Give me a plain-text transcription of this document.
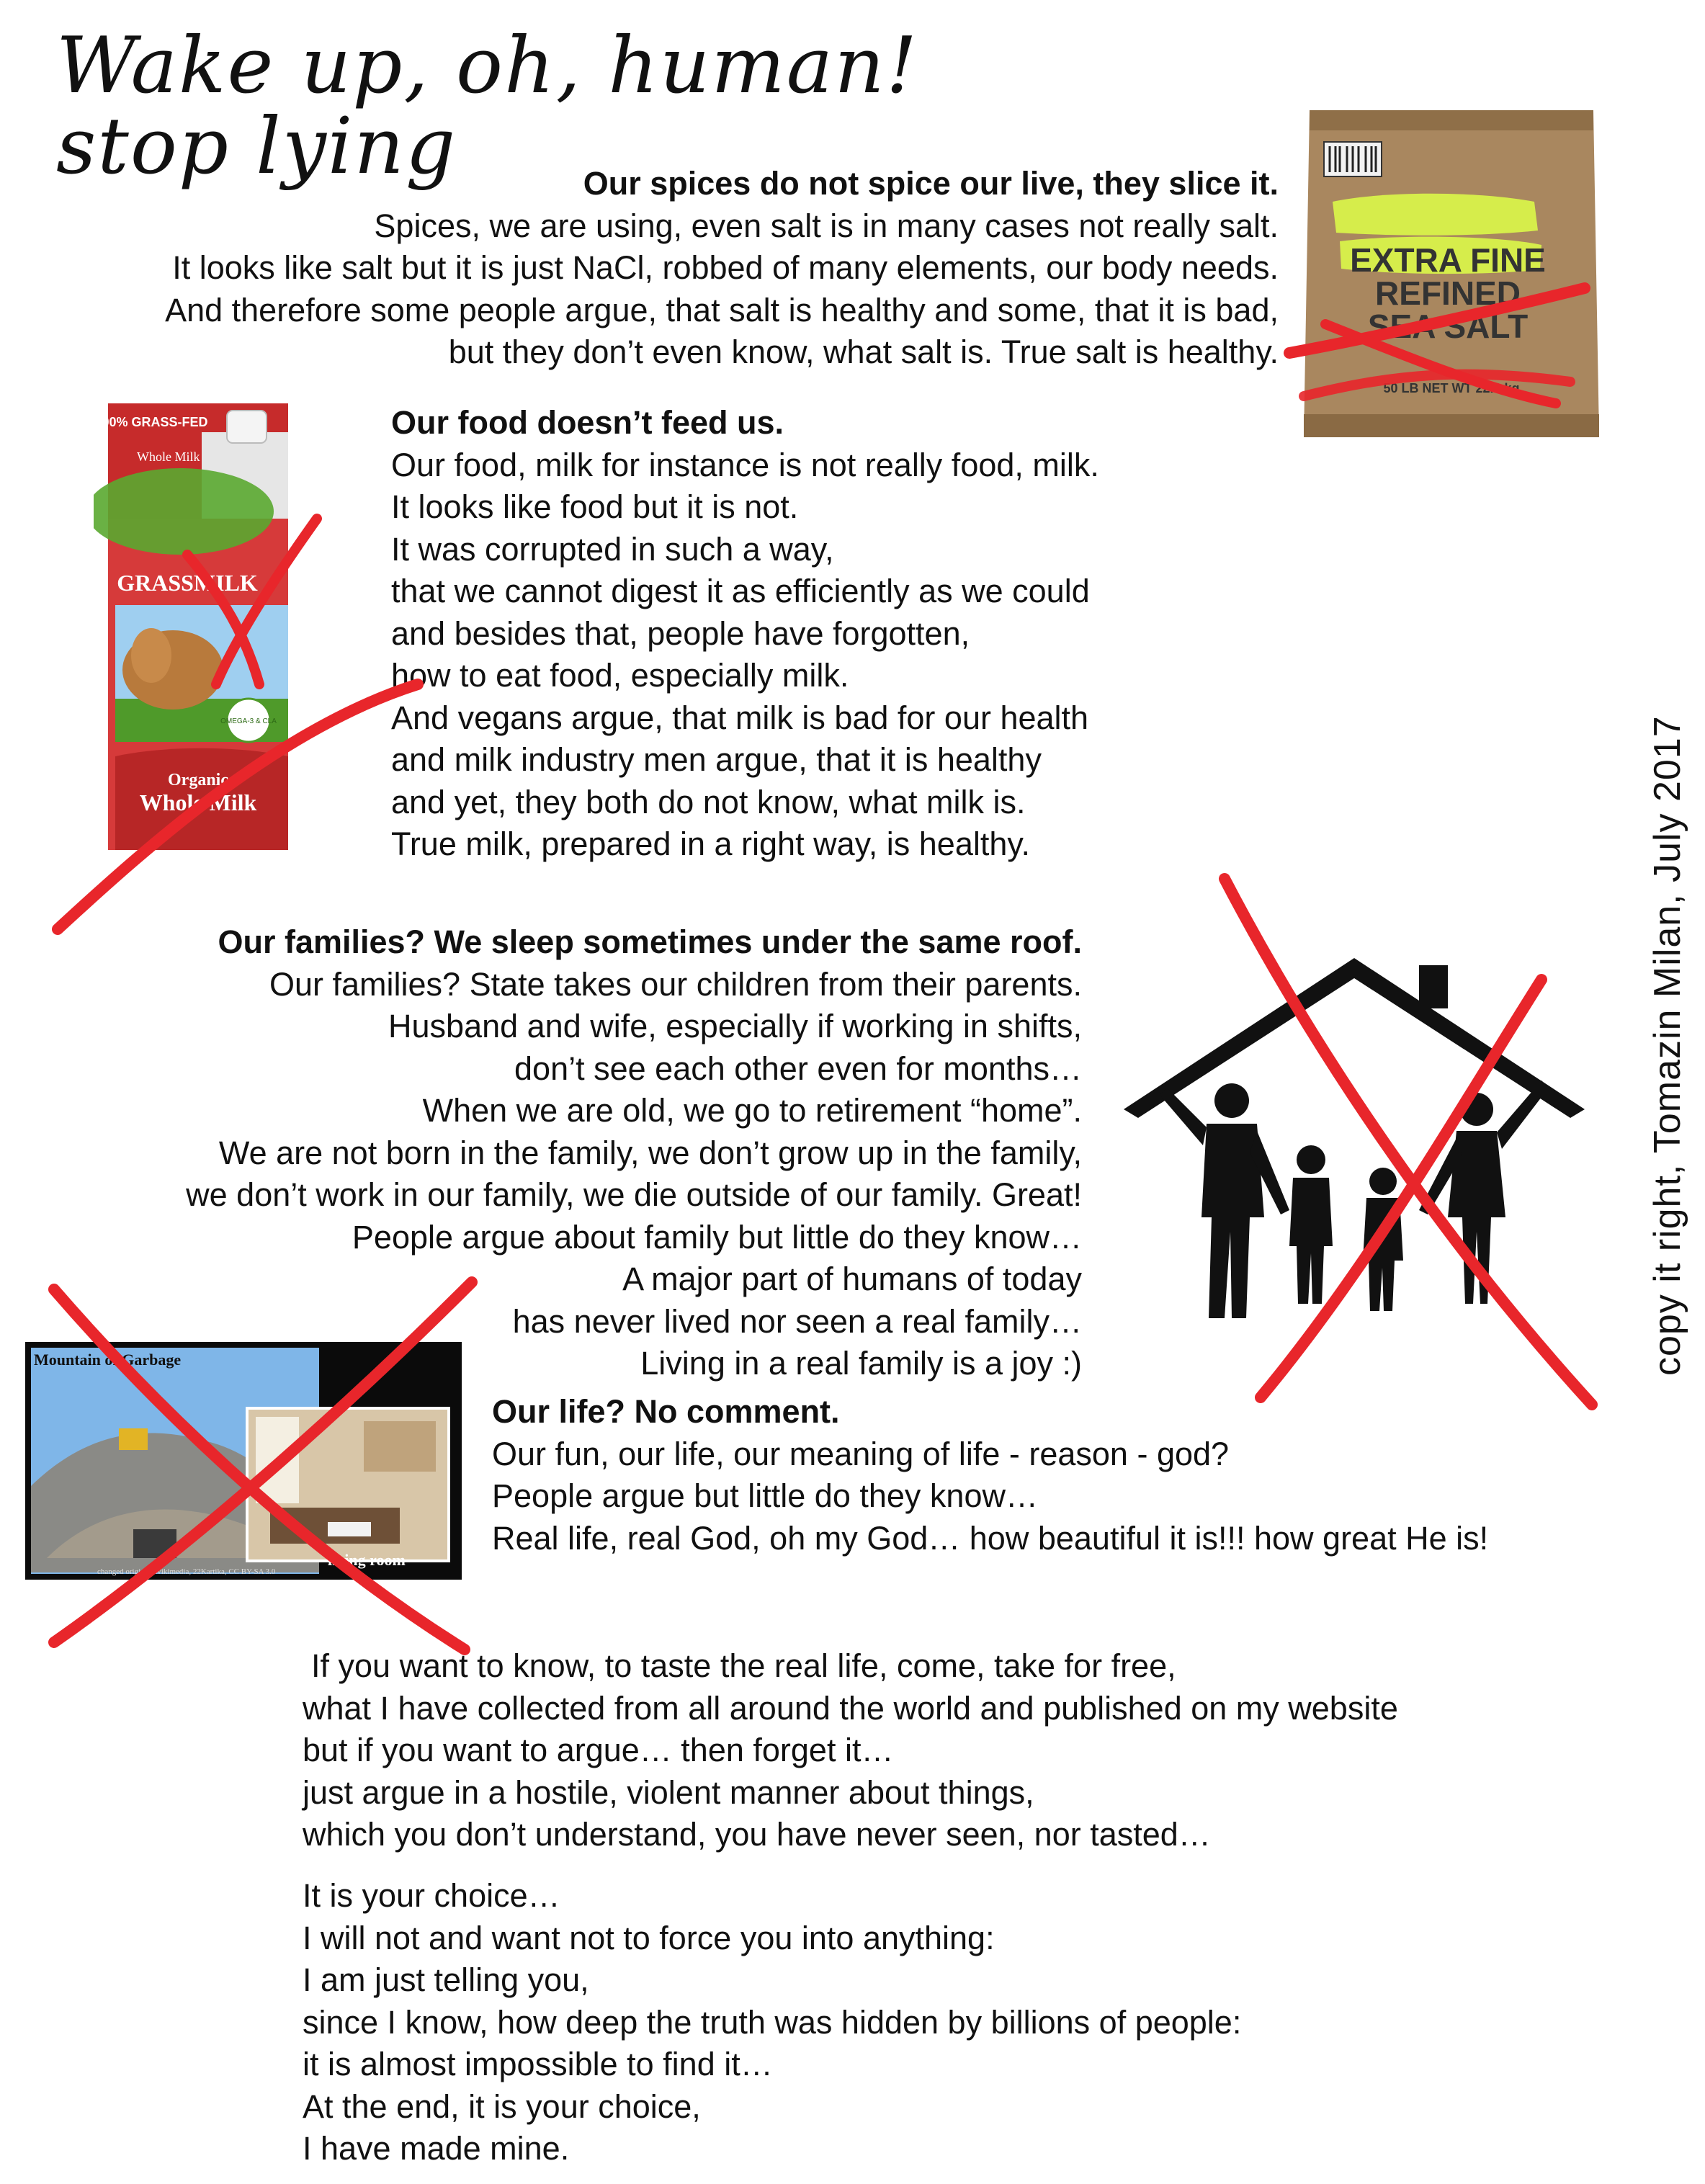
Wake up, oh, human!
stop lying	Our spices do not spice our live, they slice it.
Spices, we are using, even salt is in many cases not really salt.
It looks like salt but it is just NaCl, robbed of many elements, our body needs.
And therefore some people argue, that salt is healthy and some, that it is bad,
but they don’t even know, what salt is. True salt is healthy.
EXTRA FINE
REFINED
SEA SALT
50 LB NET WT 22.6 kg
Our food doesn’t feed us.
Our food, milk for instance is not really food, milk.
It looks like food but it is not.
It was corrupted in such a way,
that we cannot digest it as efficiently as we could
and besides that, people have forgotten,
how to eat food, especially milk.
And vegans argue, that milk is bad for our health
and milk industry men argue, that it is healthy
and yet, they both do not know, what milk is.
True milk, prepared in a right way, is healthy.
100% GRASS-FED
Whole Milk
GRASSMILK
OMEGA-3 & CLA
Organic
Whole Milk
Our families? We sleep sometimes under the same roof.
Our families? State takes our children from their parents.
Husband and wife, especially if working in shifts,
don’t see each other even for months…
When we are old, we go to retirement “home”.
We are not born in the family, we don’t grow up in the family,
we don’t work in our family, we die outside of our family. Great!
People argue about family but little do they know…
A major part of humans of today
has never lived nor seen a real family…
Living in a real family is a joy :)
Our life? No comment.
Our fun, our life, our meaning of life - reason - god?
People argue but little do they know…
Real life, real God, oh my God… how beautiful it is!!! how great He is!
Mountain of Garbage
living room
changed original, Wikimedia, 22Kartika, CC BY-SA 3.0
If you want to know, to taste the real life, come, take for free,
what I have collected from all around the world and published on my website
but if you want to argue… then forget it…
just argue in a hostile, violent manner about things,
which you don’t understand, you have never seen, nor tasted…
It is your choice…
I will not and want not to force you into anything:
I am just telling you,
since I know, how deep the truth was hidden by billions of people:
it is almost impossible to find it…
At the end, it is your choice,
I have made mine.
copy it right, Tomazin Milan, July 2017
